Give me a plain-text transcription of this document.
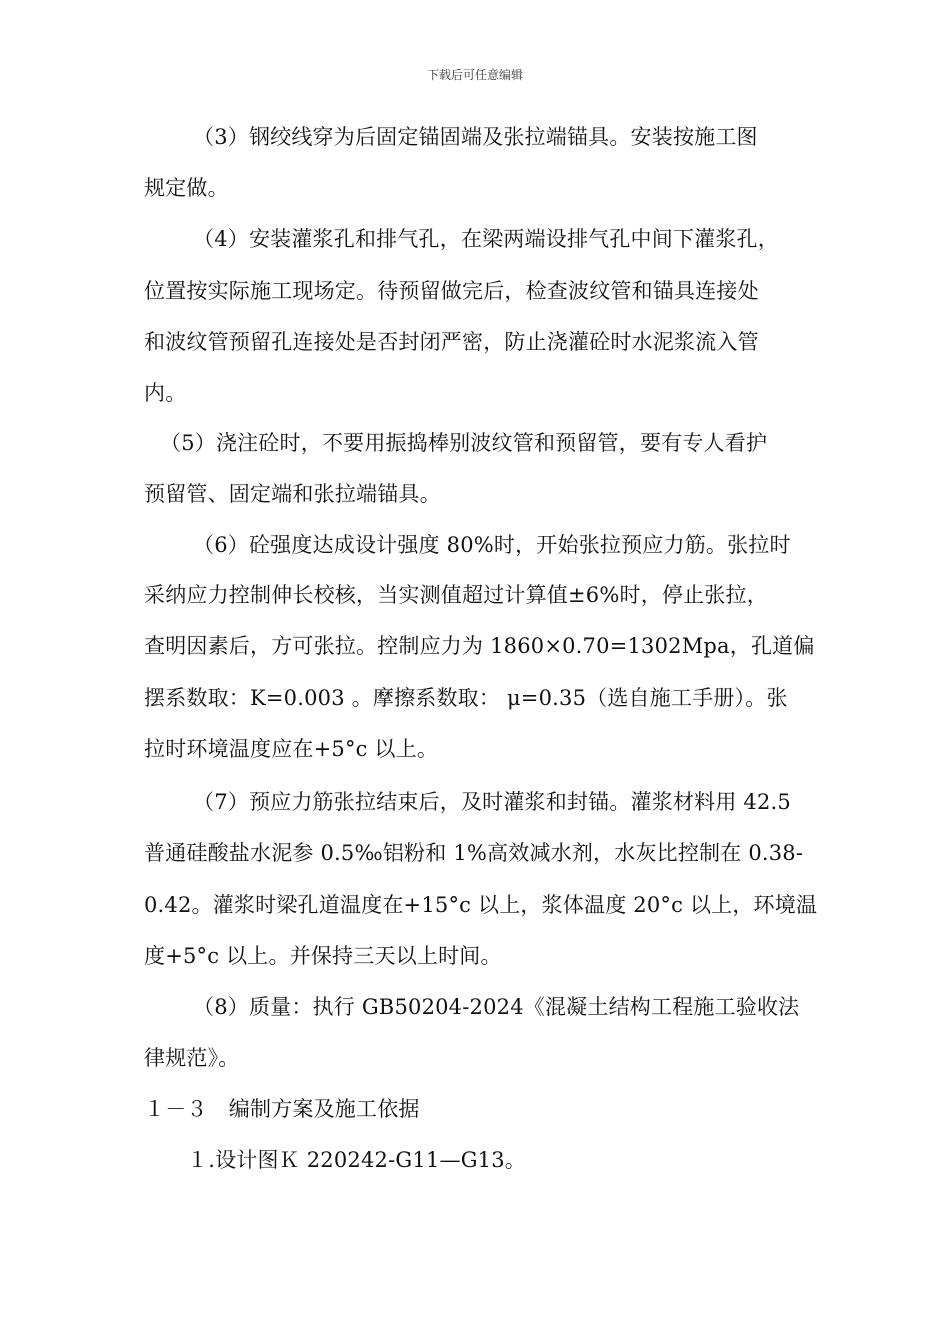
下载后可任意编辑
（3）钢绞线穿为后固定锚固端及张拉端锚具。安装按施工图
规定做。
（4）安装灌浆孔和排气孔，在梁两端设排气孔中间下灌浆孔，
位置按实际施工现场定。待预留做完后，检查波纹管和锚具连接处
和波纹管预留孔连接处是否封闭严密，防止浇灌砼时水泥浆流入管
内。
（5）浇注砼时，不要用振捣棒别波纹管和预留管，要有专人看护
预留管、固定端和张拉端锚具。
（6）砼强度达成设计强度 80%时，开始张拉预应力筋。张拉时
采纳应力控制伸长校核，当实测值超过计算值±6%时，停止张拉，
查明因素后，方可张拉。控制应力为 1860×0.70=1302Mpa，孔道偏
摆系数取：K=0.003 。摩擦系数取： μ=0.35（选自施工手册）。张
拉时环境温度应在+5°c 以上。
（7）预应力筋张拉结束后，及时灌浆和封锚。灌浆材料用 42.5
普通硅酸盐水泥参 0.5‰铝粉和 1%高效减水剂，水灰比控制在 0.38-
0.42。灌浆时梁孔道温度在+15°c 以上，浆体温度 20°c 以上，环境温
度+5°c 以上。并保持三天以上时间。
（8）质量：执行 GB50204-2024《混凝土结构工程施工验收法
律规范》。
１－３　编制方案及施工依据
１.设计图Ｋ 220242-G11—G13。
